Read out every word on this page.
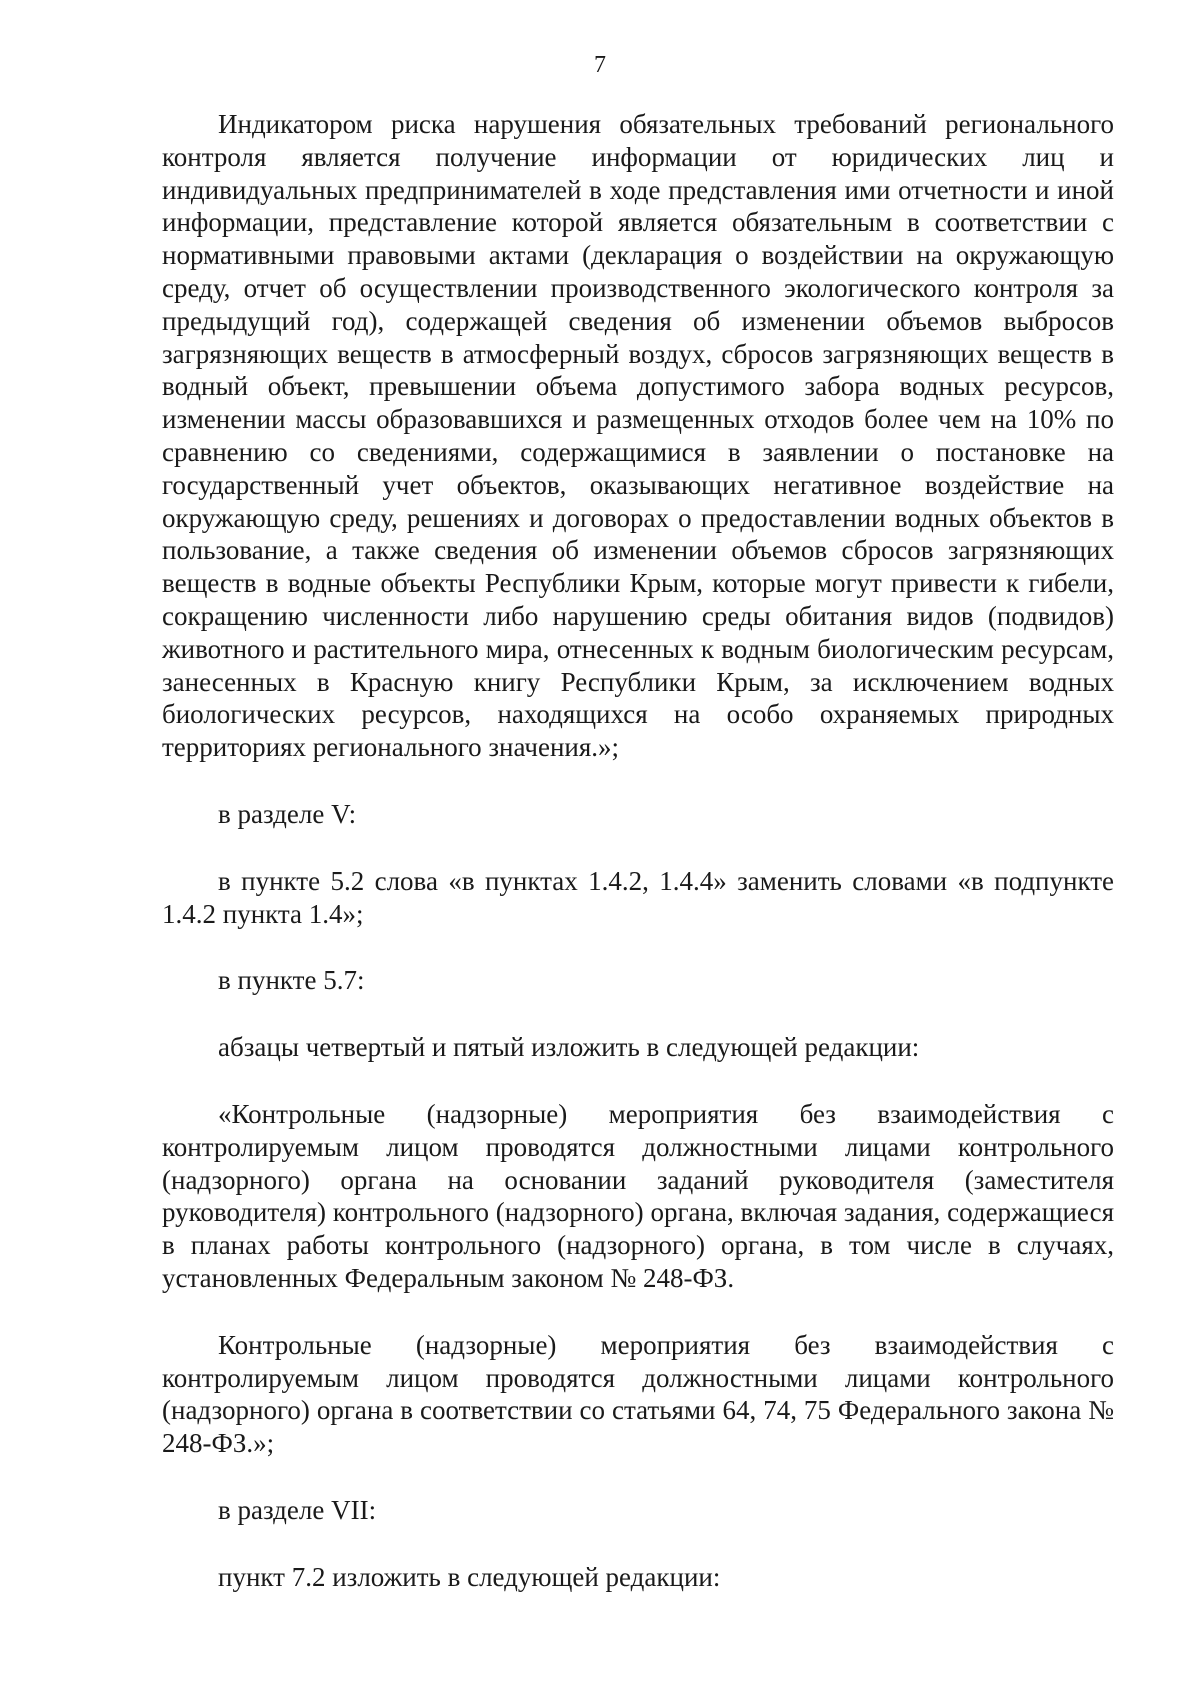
7

Индикатором риска нарушения обязательных требований регионального контроля является получение информации от юридических лиц и индивидуальных предпринимателей в ходе представления ими отчетности и иной информации, представление которой является обязательным в соответствии с нормативными правовыми актами (декларация о воздействии на окружающую среду, отчет об осуществлении производственного экологического контроля за предыдущий год), содержащей сведения об изменении объемов выбросов загрязняющих веществ в атмосферный воздух, сбросов загрязняющих веществ в водный объект, превышении объема допустимого забора водных ресурсов, изменении массы образовавшихся и размещенных отходов более чем на 10% по сравнению со сведениями, содержащимися в заявлении о постановке на государственный учет объектов, оказывающих негативное воздействие на окружающую среду, решениях и договорах о предоставлении водных объектов в пользование, а также сведения об изменении объемов сбросов загрязняющих веществ в водные объекты Республики Крым, которые могут привести к гибели, сокращению численности либо нарушению среды обитания видов (подвидов) животного и растительного мира, отнесенных к водным биологическим ресурсам, занесенных в Красную книгу Республики Крым, за исключением водных биологических ресурсов, находящихся на особо охраняемых природных территориях регионального значения.»;

в разделе V:

в пункте 5.2 слова «в пунктах 1.4.2, 1.4.4» заменить словами «в подпункте 1.4.2 пункта 1.4»;

в пункте 5.7:

абзацы четвертый и пятый изложить в следующей редакции:

«Контрольные (надзорные) мероприятия без взаимодействия с контролируемым лицом проводятся должностными лицами контрольного (надзорного) органа на основании заданий руководителя (заместителя руководителя) контрольного (надзорного) органа, включая задания, содержащиеся в планах работы контрольного (надзорного) органа, в том числе в случаях, установленных Федеральным законом № 248-ФЗ.

Контрольные (надзорные) мероприятия без взаимодействия с контролируемым лицом проводятся должностными лицами контрольного (надзорного) органа в соответствии со статьями 64, 74, 75 Федерального закона № 248-ФЗ.»;

в разделе VII:

пункт 7.2 изложить в следующей редакции:
